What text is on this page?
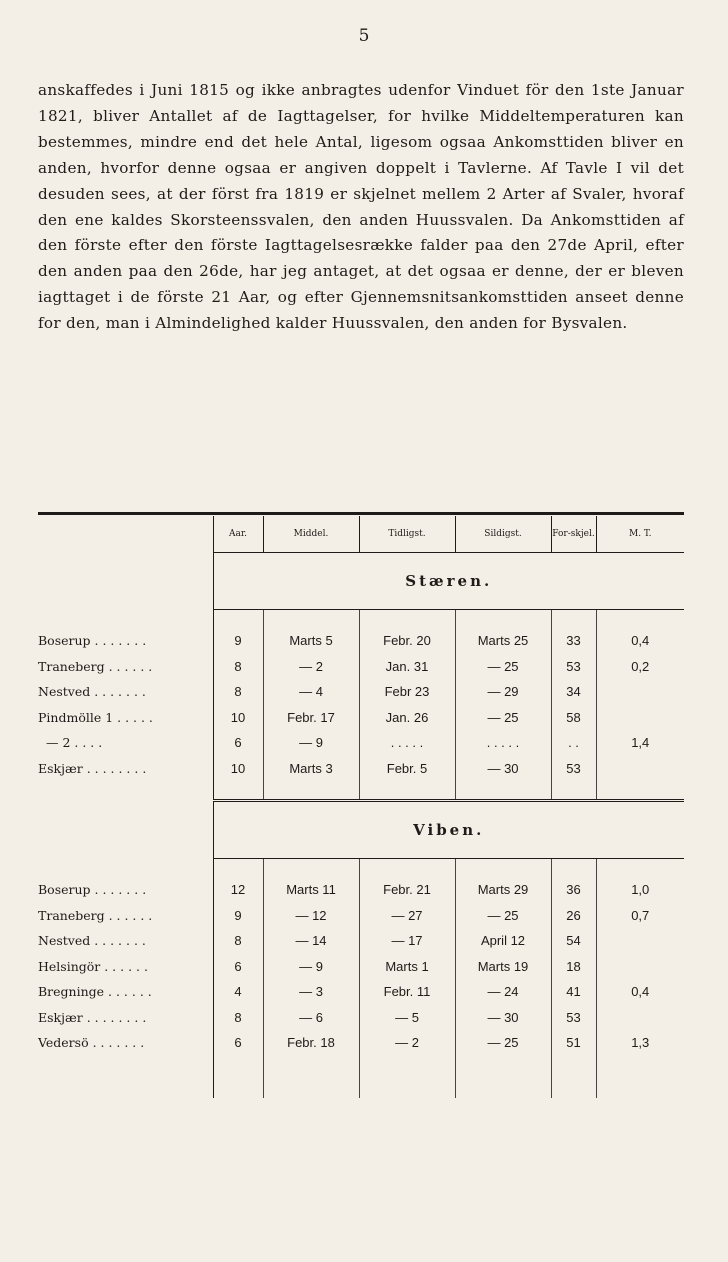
5

anskaffedes i Juni 1815 og ikke anbragtes udenfor Vinduet för den 1ste Januar 1821, bliver Antallet af de Iagttagelser, for hvilke Middeltemperaturen kan bestemmes, mindre end det hele Antal, ligesom ogsaa Ankomsttiden bliver en anden, hvorfor denne ogsaa er angiven doppelt i Tavlerne. Af Tavle I vil det desuden sees, at der först fra 1819 er skjelnet mellem 2 Arter af Svaler, hvoraf den ene kaldes Skorsteenssvalen, den anden Huussvalen. Da Ankomsttiden af den förste efter den förste Iagttagelsesrække falder paa den 27de April, efter den anden paa den 26de, har jeg antaget, at det ogsaa er denne, der er bleven iagttaget i de förste 21 Aar, og efter Gjennemsnitsankomsttiden anseet denne for den, man i Almindelighed kalder Huussvalen, den anden for Bysvalen.

	Aar.	Middel.	Tidligst.	Sildigst.	For-skjel.	M. T.
	Stæren.					

Boserup . . . . . . .	9	Marts 5	Febr. 20	Marts 25	33	0,4
Traneberg . . . . . .	8	— 2	Jan. 31	— 25	53	0,2
Nestved . . . . . . .	8	— 4	Febr 23	— 29	34	
Pindmölle 1 . . . . .	10	Febr. 17	Jan. 26	— 25	58	
— 2 . . . .	6	— 9	. . . . .	. . . . .	. .	1,4
Eskjær . . . . . . . .	10	Marts 3	Febr. 5	— 30	53	

	Viben.					

Boserup . . . . . . .	12	Marts 11	Febr. 21	Marts 29	36	1,0
Traneberg . . . . . .	9	— 12	— 27	— 25	26	0,7
Nestved . . . . . . .	8	— 14	— 17	April 12	54	
Helsingör . . . . . .	6	— 9	Marts 1	Marts 19	18	
Bregninge . . . . . .	4	— 3	Febr. 11	— 24	41	0,4
Eskjær . . . . . . . .	8	— 6	— 5	— 30	53	
Vedersö . . . . . . .	6	Febr. 18	— 2	— 25	51	1,3
